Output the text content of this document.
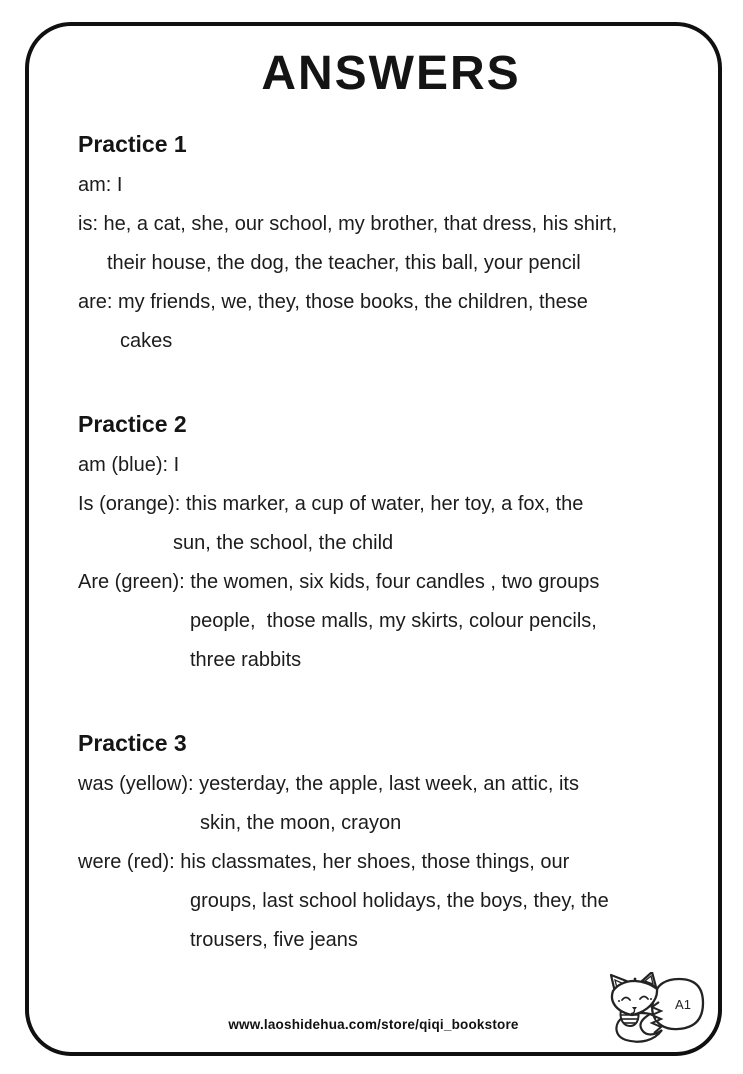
ANSWERS
Practice 1
am: I
is: he, a cat, she, our school, my brother, that dress, his shirt,
their house, the dog, the teacher, this ball, your pencil
are: my friends, we, they, those books, the children, these
cakes
Practice 2
am (blue): I
Is (orange): this marker, a cup of water, her toy, a fox, the
sun, the school, the child
Are (green): the women, six kids, four candles , two groups
people,  those malls, my skirts, colour pencils,
three rabbits
Practice 3
was (yellow): yesterday, the apple, last week, an attic, its
skin, the moon, crayon
were (red): his classmates, her shoes, those things, our
groups, last school holidays, the boys, they, the
trousers, five jeans
www.laoshidehua.com/store/qiqi_bookstore
A1
